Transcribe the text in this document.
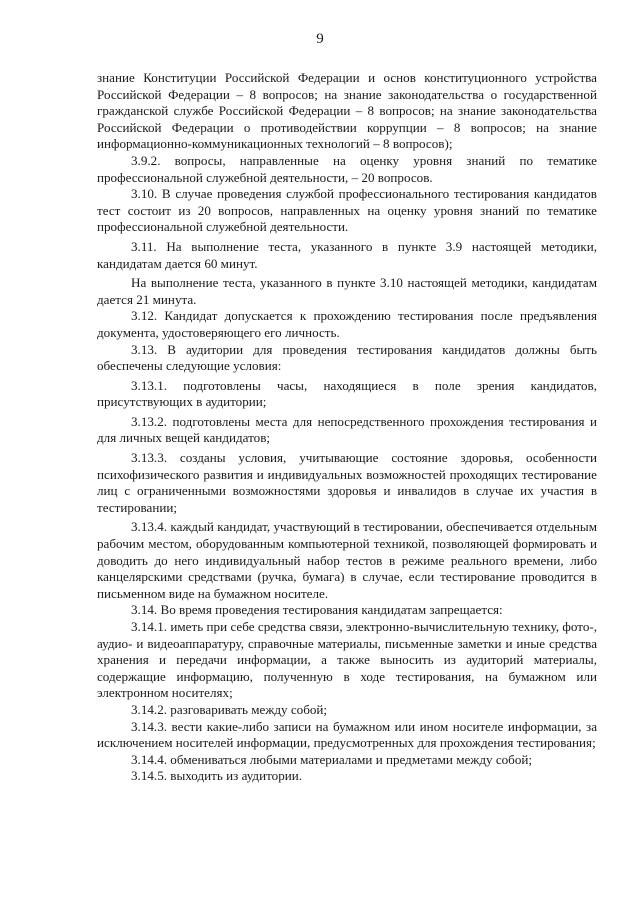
9

знание Конституции Российской Федерации и основ конституционного устройства Российской Федерации – 8 вопросов; на знание законодательства о государственной гражданской службе Российской Федерации – 8 вопросов; на знание законодательства Российской Федерации о противодействии коррупции – 8 вопросов; на знание информационно-коммуникационных технологий – 8 вопросов);

3.9.2. вопросы, направленные на оценку уровня знаний по тематике профессиональной служебной деятельности, – 20 вопросов.

3.10. В случае проведения службой профессионального тестирования кандидатов тест состоит из 20 вопросов, направленных на оценку уровня знаний по тематике профессиональной служебной деятельности.

3.11. На выполнение теста, указанного в пункте 3.9 настоящей методики, кандидатам дается 60 минут.

На выполнение теста, указанного в пункте 3.10 настоящей методики, кандидатам дается 21 минута.

3.12. Кандидат допускается к прохождению тестирования после предъявления документа, удостоверяющего его личность.

3.13. В аудитории для проведения тестирования кандидатов должны быть обеспечены следующие условия:

3.13.1. подготовлены часы, находящиеся в поле зрения кандидатов, присутствующих в аудитории;

3.13.2. подготовлены места для непосредственного прохождения тестирования и для личных вещей кандидатов;

3.13.3. созданы условия, учитывающие состояние здоровья, особенности психофизического развития и индивидуальных возможностей проходящих тестирование лиц с ограниченными возможностями здоровья и инвалидов в случае их участия в тестировании;

3.13.4. каждый кандидат, участвующий в тестировании, обеспечивается отдельным рабочим местом, оборудованным компьютерной техникой, позволяющей формировать и доводить до него индивидуальный набор тестов в режиме реального времени, либо канцелярскими средствами (ручка, бумага) в случае, если тестирование проводится в письменном виде на бумажном носителе.

3.14. Во время проведения тестирования кандидатам запрещается:

3.14.1. иметь при себе средства связи, электронно-вычислительную технику, фото-, аудио- и видеоаппаратуру, справочные материалы, письменные заметки и иные средства хранения и передачи информации, а также выносить из аудиторий материалы, содержащие информацию, полученную в ходе тестирования, на бумажном или электронном носителях;

3.14.2. разговаривать между собой;

3.14.3. вести какие-либо записи на бумажном или ином носителе информации, за исключением носителей информации, предусмотренных для прохождения тестирования;

3.14.4. обмениваться любыми материалами и предметами между собой;

3.14.5. выходить из аудитории.
